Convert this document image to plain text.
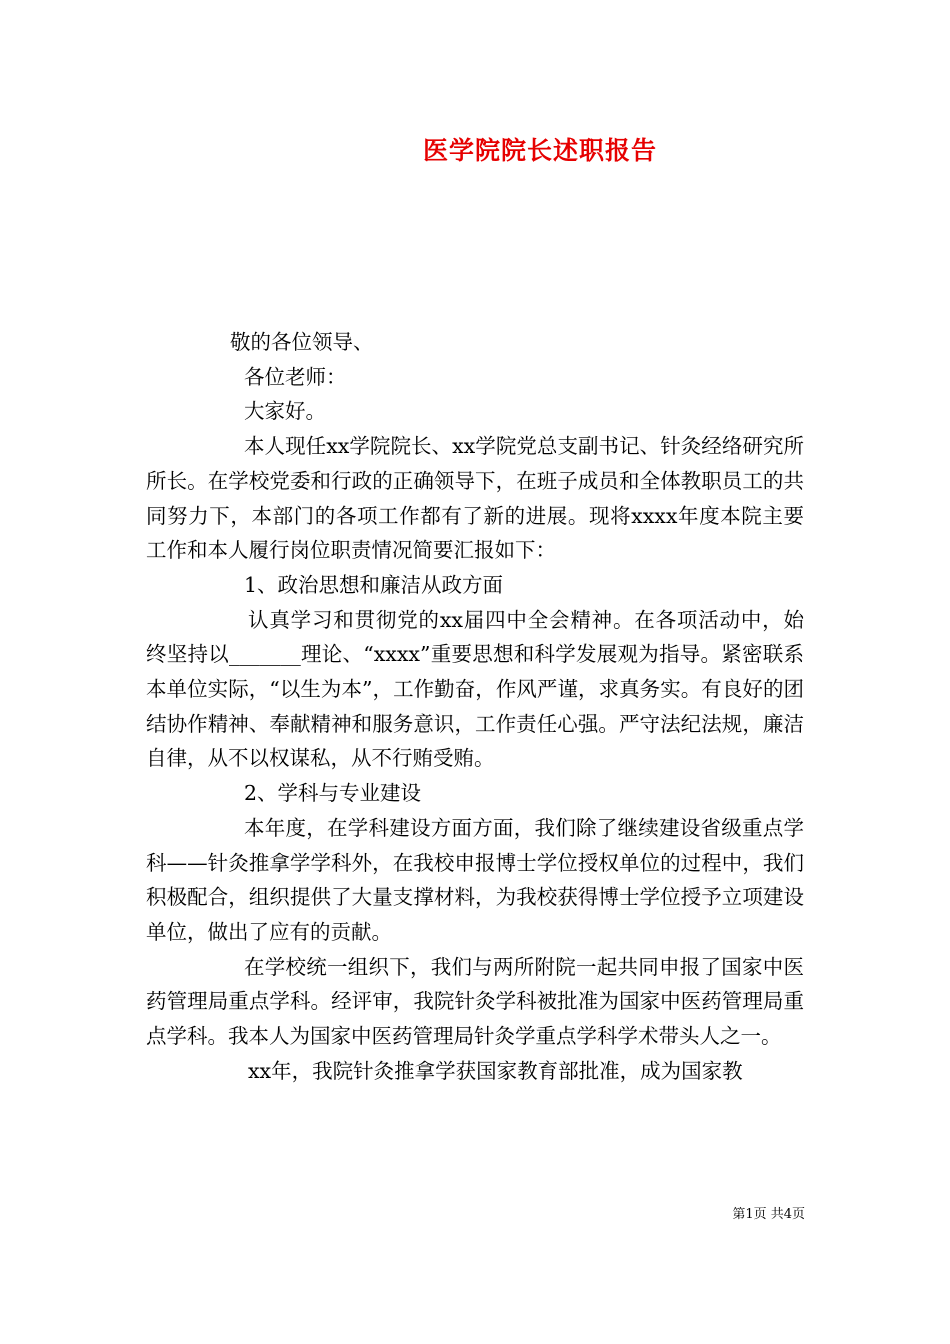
医学院院长述职报告

敬的各位领导、

各位老师：

大家好。

本人现任xx学院院长、xx学院党总支副书记、针灸经络研究所所长。在学校党委和行政的正确领导下，在班子成员和全体教职员工的共同努力下，本部门的各项工作都有了新的进展。现将xxxx年度本院主要工作和本人履行岗位职责情况简要汇报如下：

1、政治思想和廉洁从政方面

认真学习和贯彻党的xx届四中全会精神。在各项活动中，始终坚持以_______理论、“xxxx”重要思想和科学发展观为指导。紧密联系本单位实际，“以生为本”，工作勤奋，作风严谨，求真务实。有良好的团结协作精神、奉献精神和服务意识，工作责任心强。严守法纪法规，廉洁自律，从不以权谋私，从不行贿受贿。

2、学科与专业建设

本年度，在学科建设方面方面，我们除了继续建设省级重点学科——针灸推拿学学科外，在我校申报博士学位授权单位的过程中，我们积极配合，组织提供了大量支撑材料，为我校获得博士学位授予立项建设单位，做出了应有的贡献。

在学校统一组织下，我们与两所附院一起共同申报了国家中医药管理局重点学科。经评审，我院针灸学科被批准为国家中医药管理局重点学科。我本人为国家中医药管理局针灸学重点学科学术带头人之一。

xx年，我院针灸推拿学获国家教育部批准，成为国家教

第1页 共4页
